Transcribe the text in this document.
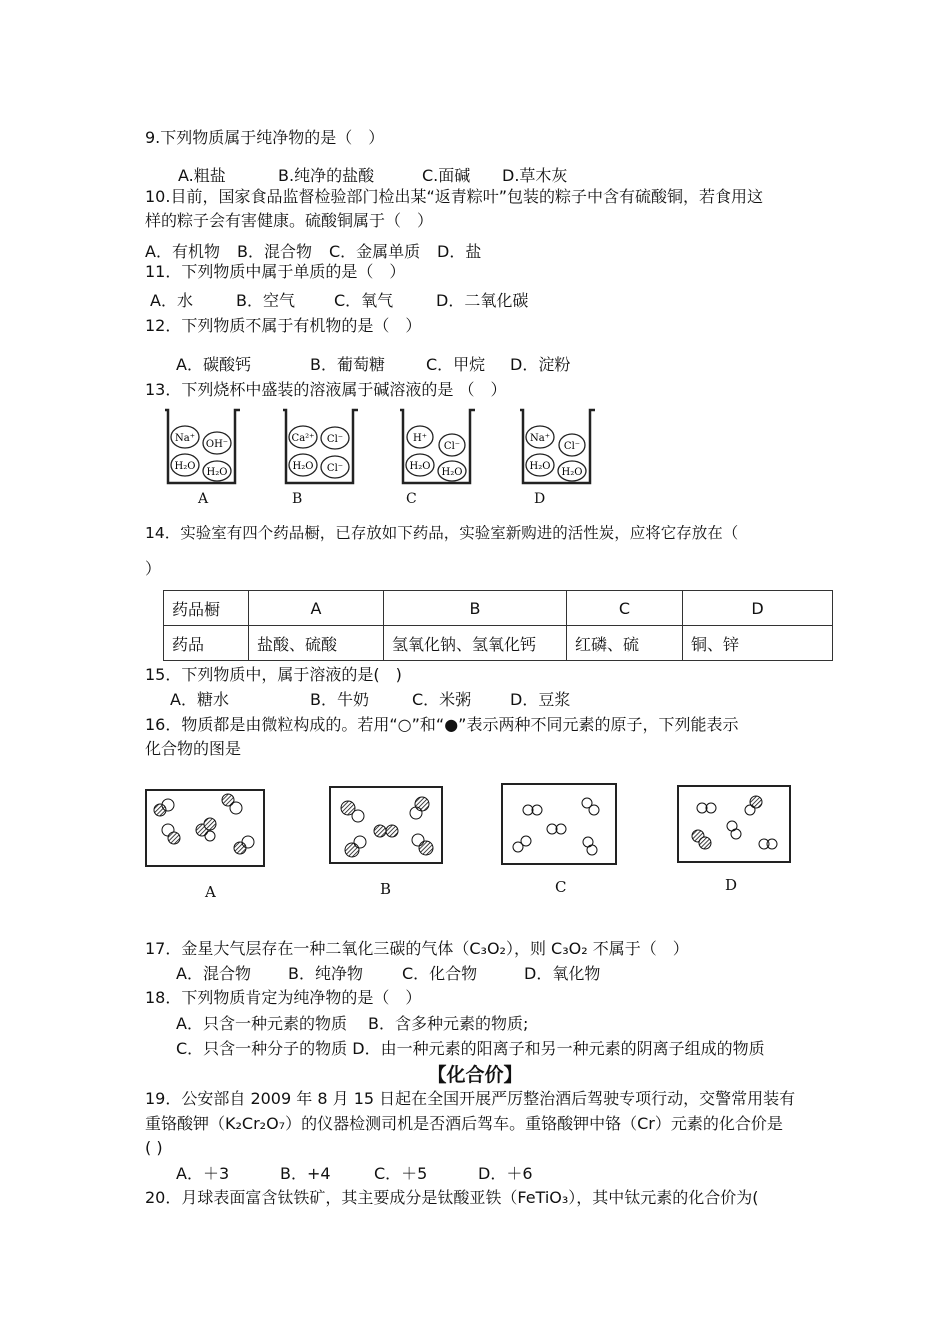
9.下列物质属于纯净物的是（　）
A.粗盐	B.纯净的盐酸	C.面碱 D.草木灰
10.目前，国家食品监督检验部门检出某“返青粽叶”包装的粽子中含有硫酸铜，若食用这
样的粽子会有害健康。硫酸铜属于（　）
A．有机物 B．混合物 C．金属单质 D．盐
11．下列物质中属于单质的是（　）
A．水	B．空气 C．氧气	D．二氧化碳
12．下列物质不属于有机物的是（　）
A．碳酸钙	B．葡萄糖	C．甲烷 D．淀粉
13．下列烧杯中盛装的溶液属于碱溶液的是 （　）
Na⁺
OH⁻
H₂O
H₂O
Ca²⁺ Cl⁻
H₂O Cl⁻
H⁺
Cl⁻
H₂O
H₂O
Na⁺
Cl⁻
H₂O
H₂O
A	B	C	D
14．实验室有四个药品橱，已存放如下药品，实验室新购进的活性炭，应将它存放在（
）
药品橱	A	B	C	D
药品	盐酸、硫酸	氢氧化钠、氢氧化钙	红磷、硫	铜、锌
15．下列物质中，属于溶液的是(　)
A．糖水	B．牛奶	C．米粥 D．豆浆
16．物质都是由微粒构成的。若用“○”和“●”表示两种不同元素的原子，下列能表示
化合物的图是
A	B	C	D
17．金星大气层存在一种二氧化三碳的气体（C₃O₂），则 C₃O₂ 不属于（　）
A．混合物 B．纯净物 C．化合物	D．氧化物
18．下列物质肯定为纯净物的是（　）
A．只含一种元素的物质　 B．含多种元素的物质;
C．只含一种分子的物质 D．由一种元素的阳离子和另一种元素的阴离子组成的物质
【化合价】
19．公安部自 2009 年 8 月 15 日起在全国开展严厉整治酒后驾驶专项行动，交警常用装有
重铬酸钾（K₂Cr₂O₇）的仪器检测司机是否酒后驾车。重铬酸钾中铬（Cr）元素的化合价是
( )
A．＋3	B．+4	C．＋5	D．＋6
20．月球表面富含钛铁矿，其主要成分是钛酸亚铁（FeTiO₃），其中钛元素的化合价为(
